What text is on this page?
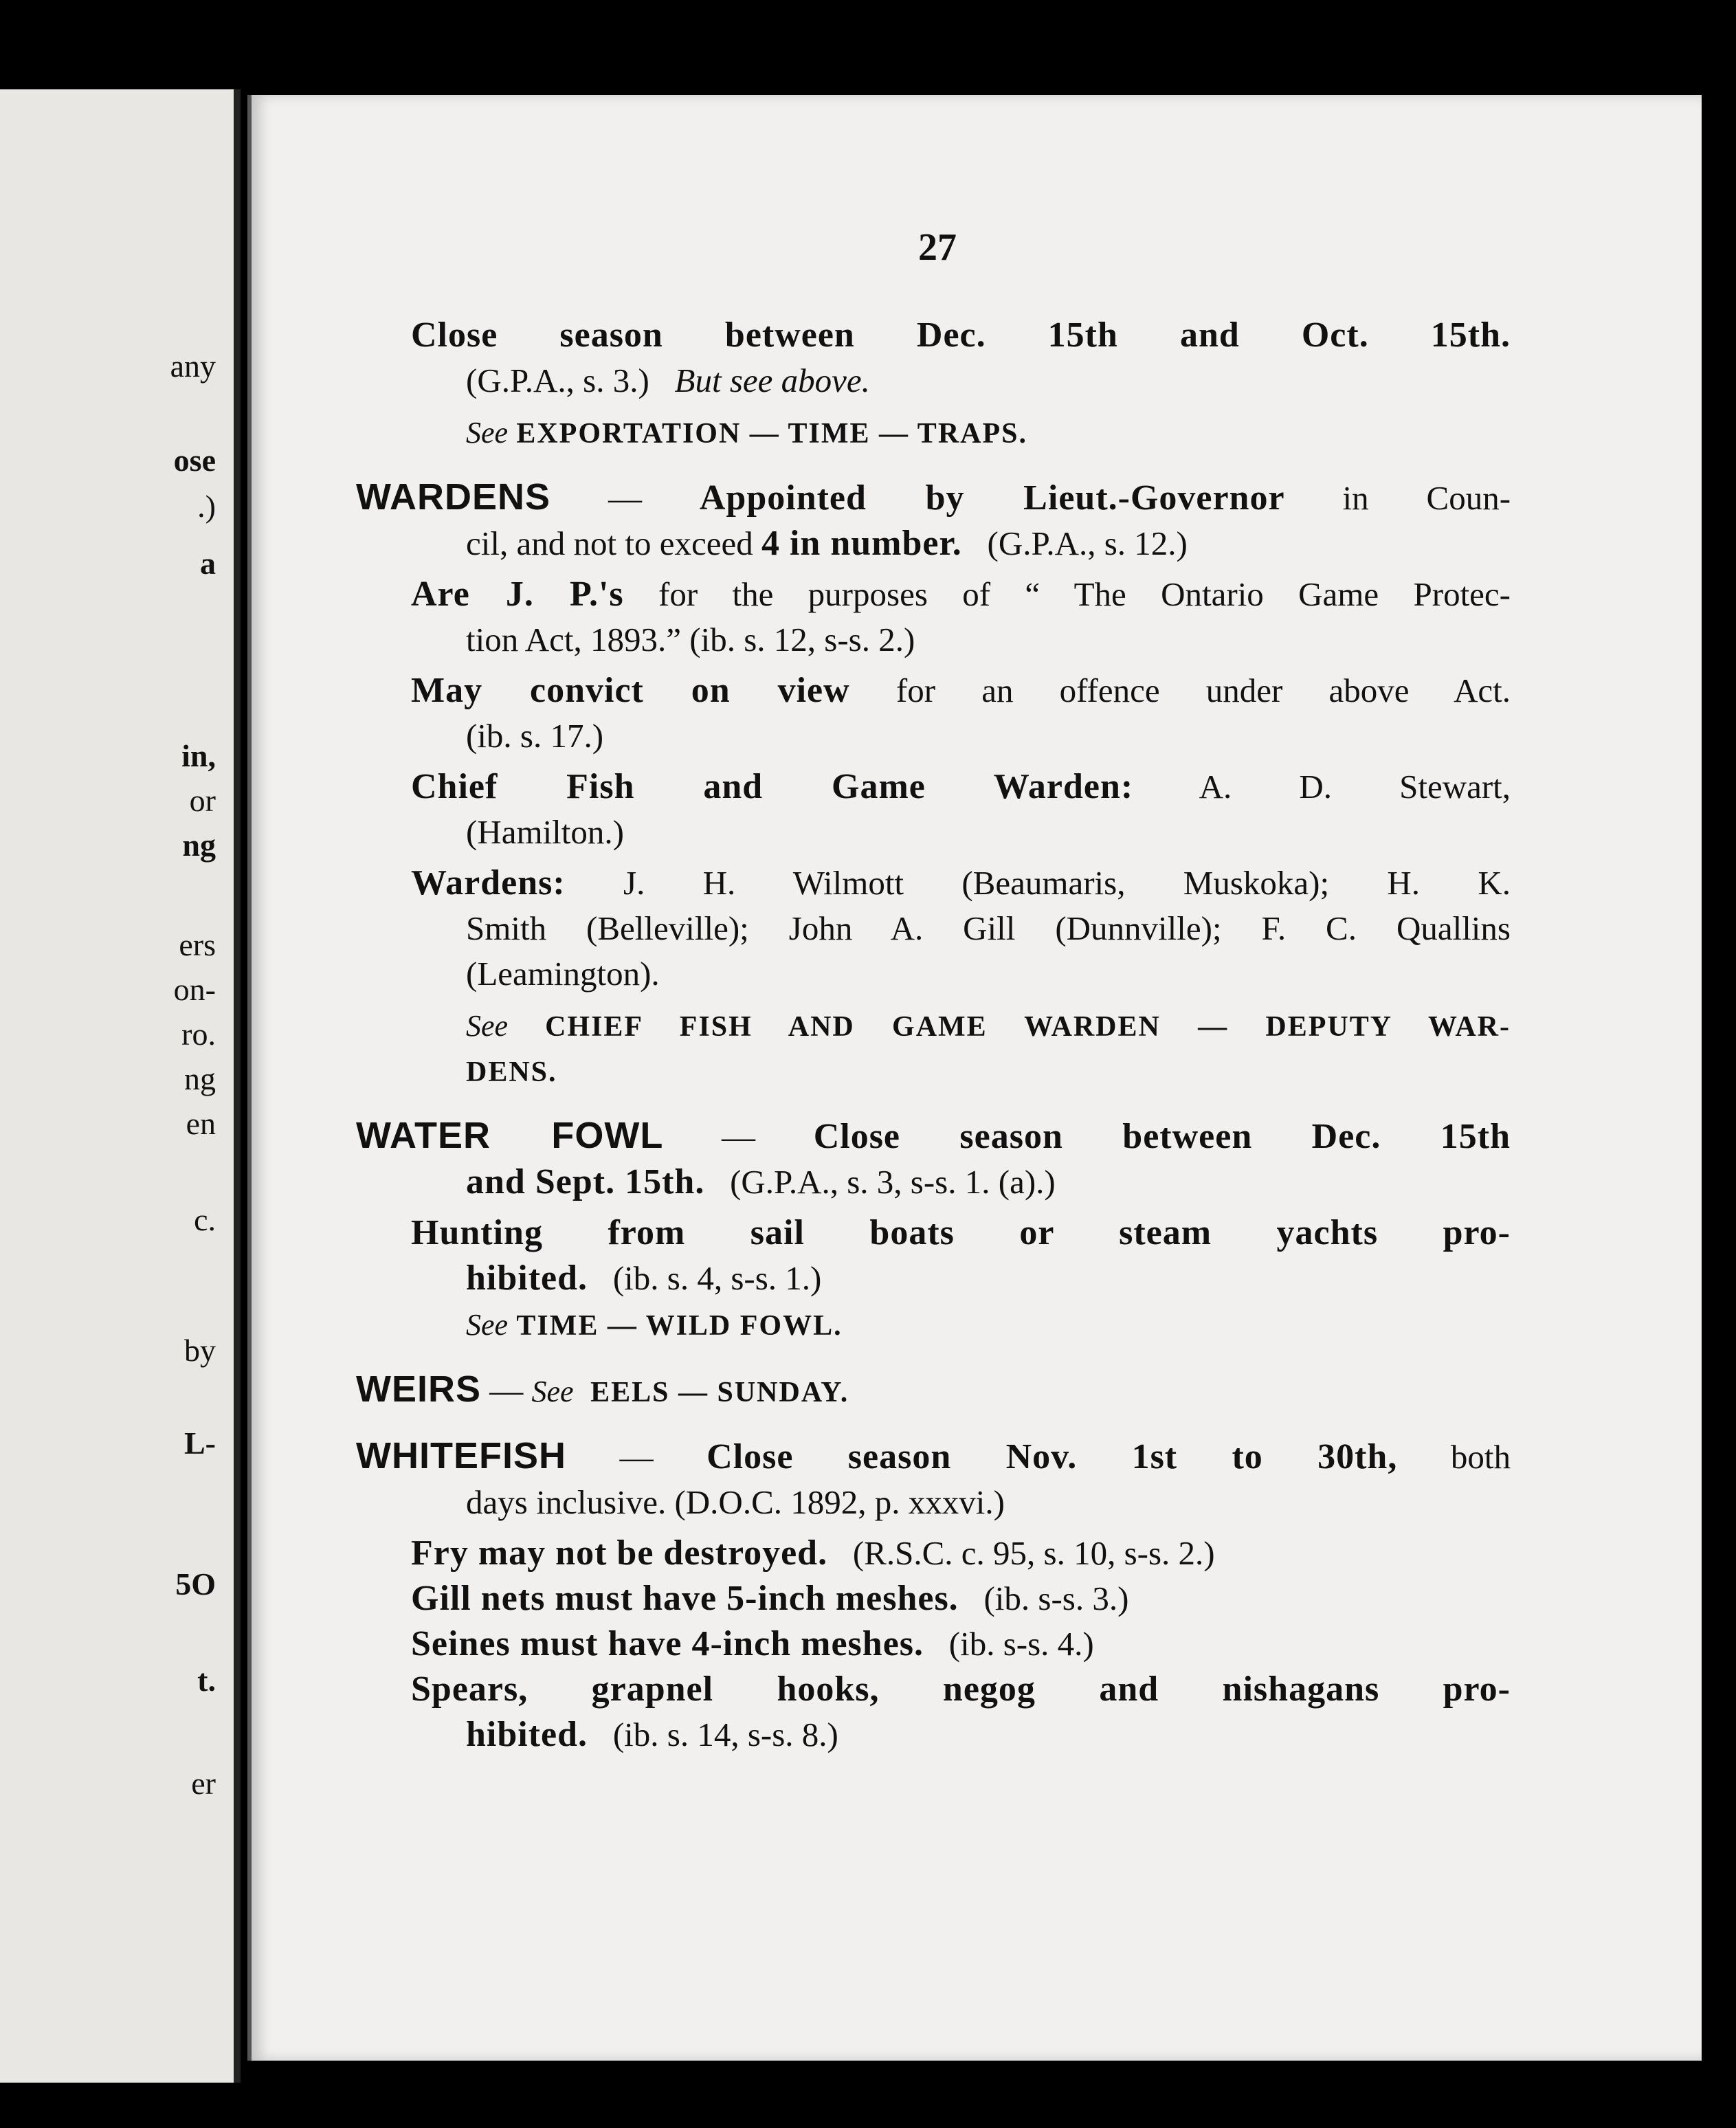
any
ose
.)
a
in,
or
ng
ers
on-
ro.
ng
en
c.
by
L-
5O
t.
er
27
Close season between Dec. 15th and Oct. 15th.
(G.P.A., s. 3.) But see above.
See EXPORTATION — TIME — TRAPS.
WARDENS — Appointed by Lieut.-Governor in Coun-
cil, and not to exceed 4 in number. (G.P.A., s. 12.)
Are J. P.'s for the purposes of “ The Ontario Game Protec-
tion Act, 1893.” (ib. s. 12, s-s. 2.)
May convict on view for an offence under above Act.
(ib. s. 17.)
Chief Fish and Game Warden: A. D. Stewart,
(Hamilton.)
Wardens: J. H. Wilmott (Beaumaris, Muskoka); H. K.
Smith (Belleville); John A. Gill (Dunnville); F. C. Quallins
(Leamington).
See CHIEF FISH AND GAME WARDEN — DEPUTY WAR-
DENS.
WATER FOWL — Close season between Dec. 15th
and Sept. 15th. (G.P.A., s. 3, s-s. 1. (a).)
Hunting from sail boats or steam yachts pro-
hibited. (ib. s. 4, s-s. 1.)
See TIME — WILD FOWL.
WEIRS — See EELS — SUNDAY.
WHITEFISH — Close season Nov. 1st to 30th, both
days inclusive. (D.O.C. 1892, p. xxxvi.)
Fry may not be destroyed. (R.S.C. c. 95, s. 10, s-s. 2.)
Gill nets must have 5-inch meshes. (ib. s-s. 3.)
Seines must have 4-inch meshes. (ib. s-s. 4.)
Spears, grapnel hooks, negog and nishagans pro-
hibited. (ib. s. 14, s-s. 8.)
